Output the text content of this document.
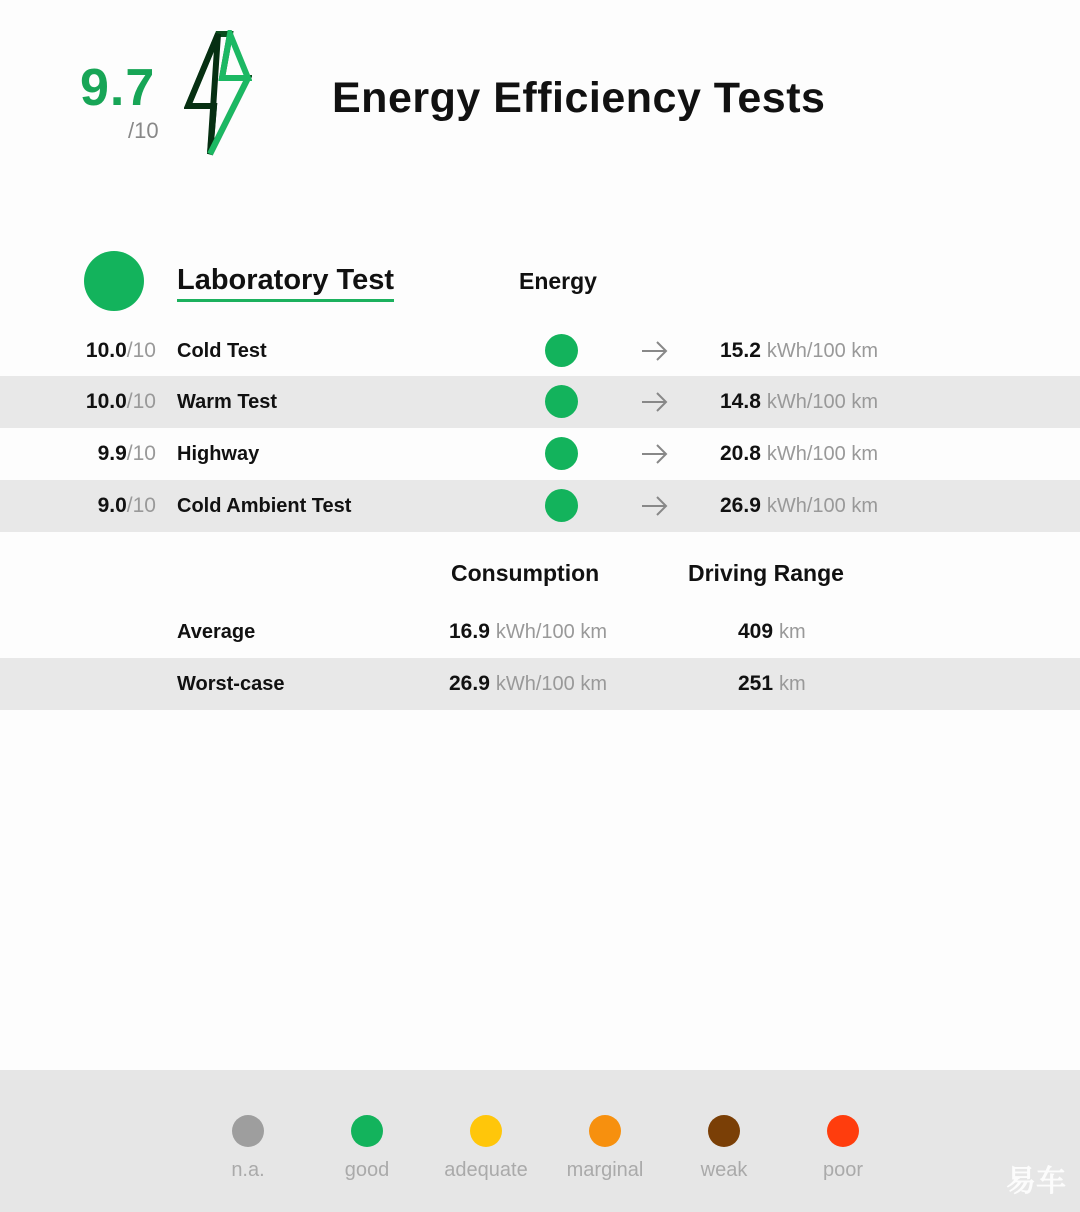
9.7
/10
Energy Efficiency Tests
Laboratory Test	Energy
10.0/10 Cold Test	15.2 kWh/100 km
10.0/10 Warm Test	14.8 kWh/100 km
9.9/10 Highway	20.8 kWh/100 km
9.0/10 Cold Ambient Test	26.9 kWh/100 km
Consumption	Driving Range
Average	16.9 kWh/100 km	409 km
Worst-case	26.9 kWh/100 km	251 km
n.a.	good	adequate	marginal	weak	poor	易车
